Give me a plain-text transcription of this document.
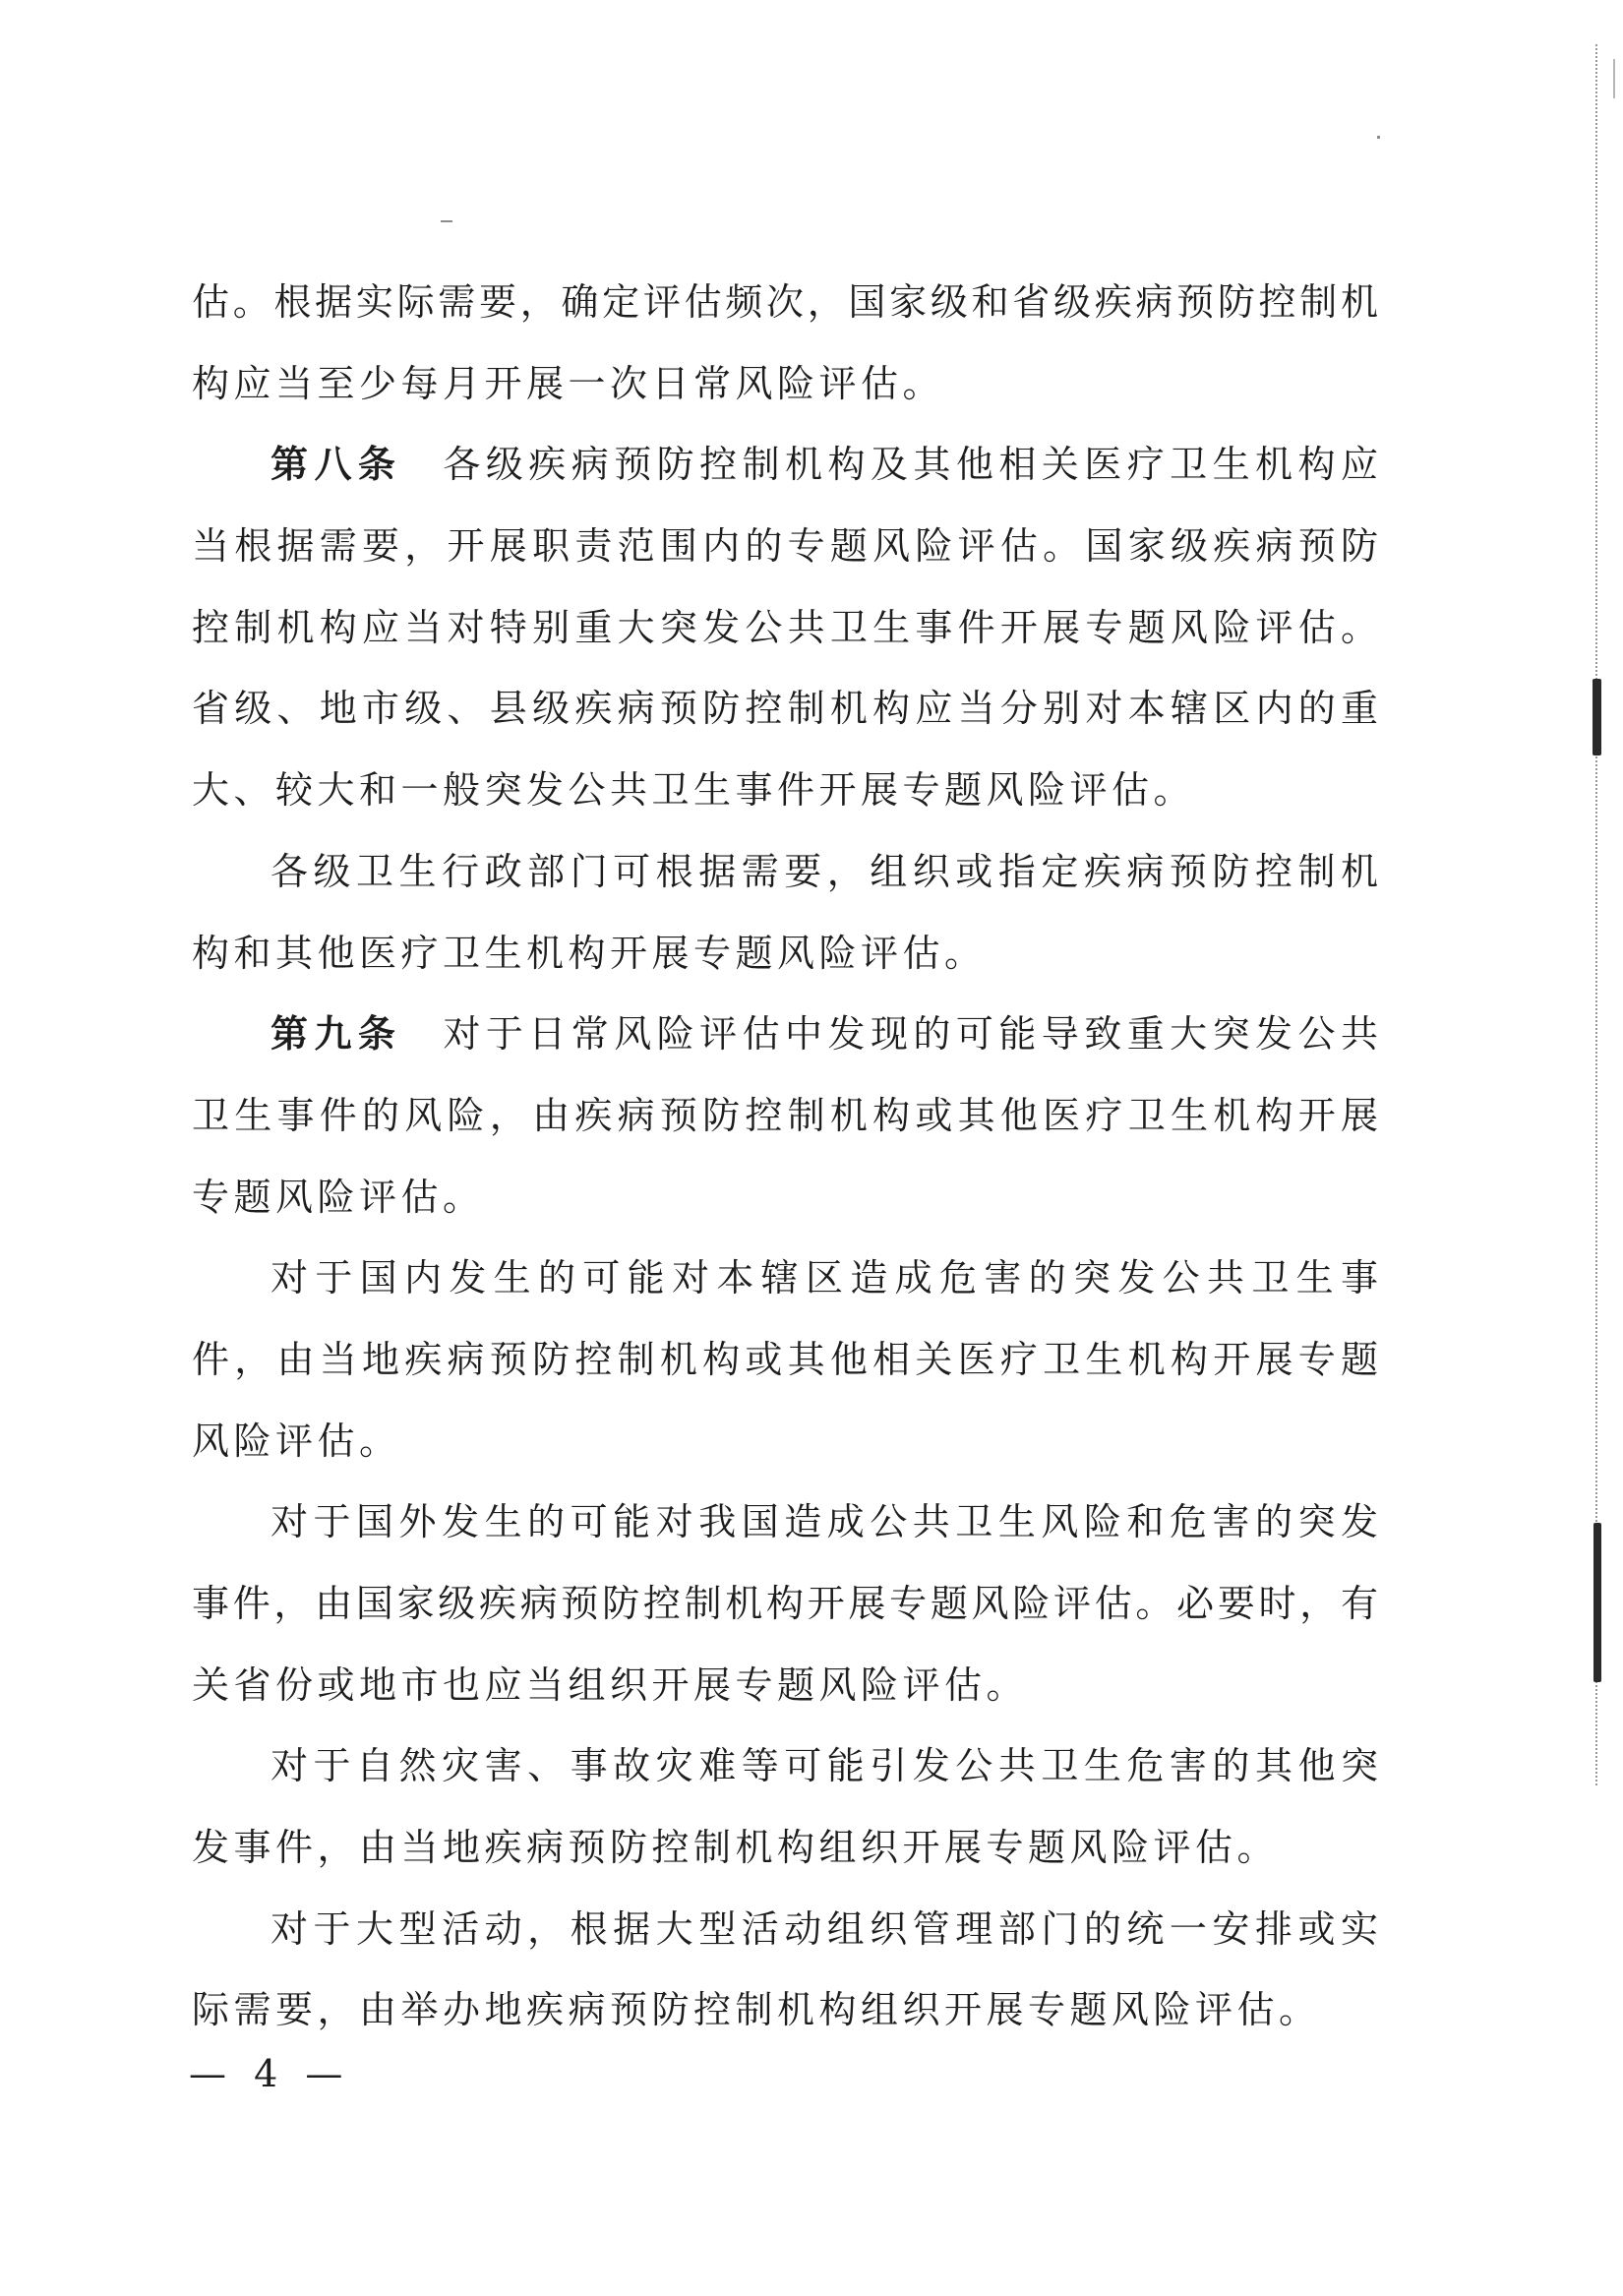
估。根据实际需要，确定评估频次，国家级和省级疾病预防控制机
构应当至少每月开展一次日常风险评估。
第八条 各级疾病预防控制机构及其他相关医疗卫生机构应
当根据需要，开展职责范围内的专题风险评估。国家级疾病预防
控制机构应当对特别重大突发公共卫生事件开展专题风险评估。
省级、地市级、县级疾病预防控制机构应当分别对本辖区内的重
大、较大和一般突发公共卫生事件开展专题风险评估。
各级卫生行政部门可根据需要，组织或指定疾病预防控制机
构和其他医疗卫生机构开展专题风险评估。
第九条 对于日常风险评估中发现的可能导致重大突发公共
卫生事件的风险，由疾病预防控制机构或其他医疗卫生机构开展
专题风险评估。
对于国内发生的可能对本辖区造成危害的突发公共卫生事
件，由当地疾病预防控制机构或其他相关医疗卫生机构开展专题
风险评估。
对于国外发生的可能对我国造成公共卫生风险和危害的突发
事件，由国家级疾病预防控制机构开展专题风险评估。必要时，有
关省份或地市也应当组织开展专题风险评估。
对于自然灾害、事故灾难等可能引发公共卫生危害的其他突
发事件，由当地疾病预防控制机构组织开展专题风险评估。
对于大型活动，根据大型活动组织管理部门的统一安排或实
际需要，由举办地疾病预防控制机构组织开展专题风险评估。
— 4 —
